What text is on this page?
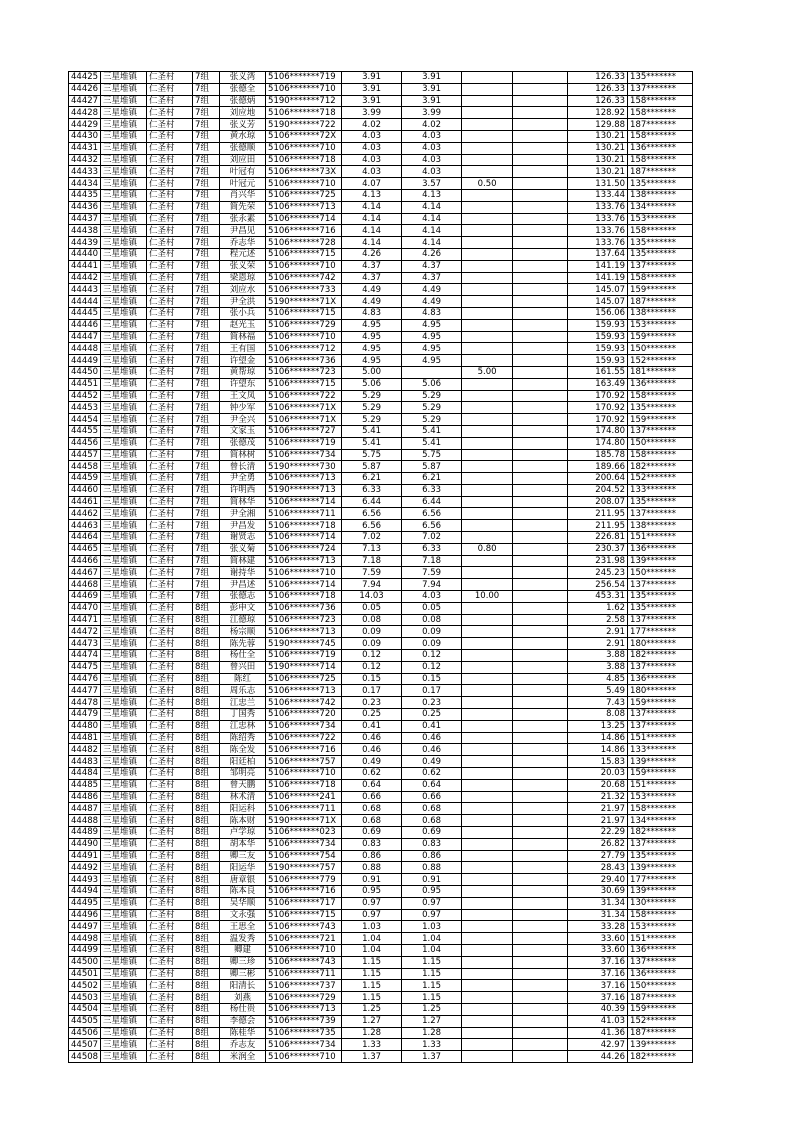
44425	三星堆镇	仁圣村	7组	张义湾	5106*******719	3.91	3.91			126.33	135*******
44426	三星堆镇	仁圣村	7组	张德全	5106*******710	3.91	3.91			126.33	137*******
44427	三星堆镇	仁圣村	7组	张德炳	5190*******712	3.91	3.91			126.33	158*******
44428	三星堆镇	仁圣村	7组	刘应地	5106*******718	3.99	3.99			128.92	158*******
44429	三星堆镇	仁圣村	7组	张义芳	5190*******722	4.02	4.02			129.88	187*******
44430	三星堆镇	仁圣村	7组	黄水琼	5106*******72X	4.03	4.03			130.21	158*******
44431	三星堆镇	仁圣村	7组	张德顺	5106*******710	4.03	4.03			130.21	136*******
44432	三星堆镇	仁圣村	7组	刘应田	5106*******718	4.03	4.03			130.21	158*******
44433	三星堆镇	仁圣村	7组	叶冠有	5106*******73X	4.03	4.03			130.21	187*******
44434	三星堆镇	仁圣村	7组	叶冠元	5106*******710	4.07	3.57	0.50		131.50	135*******
44435	三星堆镇	仁圣村	7组	肖兴华	5106*******725	4.13	4.13			133.44	138*******
44436	三星堆镇	仁圣村	7组	简先荣	5106*******713	4.14	4.14			133.76	134*******
44437	三星堆镇	仁圣村	7组	张永素	5106*******714	4.14	4.14			133.76	153*******
44438	三星堆镇	仁圣村	7组	尹昌见	5106*******716	4.14	4.14			133.76	158*******
44439	三星堆镇	仁圣村	7组	乔志华	5106*******728	4.14	4.14			133.76	135*******
44440	三星堆镇	仁圣村	7组	程元述	5106*******715	4.26	4.26			137.64	135*******
44441	三星堆镇	仁圣村	7组	张义荣	5106*******710	4.37	4.37			141.19	137*******
44442	三星堆镇	仁圣村	7组	梁恩琼	5106*******742	4.37	4.37			141.19	158*******
44443	三星堆镇	仁圣村	7组	刘应水	5106*******733	4.49	4.49			145.07	159*******
44444	三星堆镇	仁圣村	7组	尹全洪	5190*******71X	4.49	4.49			145.07	187*******
44445	三星堆镇	仁圣村	7组	张小兵	5106*******715	4.83	4.83			156.06	138*******
44446	三星堆镇	仁圣村	7组	赵光玉	5106*******729	4.95	4.95			159.93	153*******
44447	三星堆镇	仁圣村	7组	简林福	5106*******710	4.95	4.95			159.93	159*******
44448	三星堆镇	仁圣村	7组	王有国	5106*******712	4.95	4.95			159.93	150*******
44449	三星堆镇	仁圣村	7组	许望金	5106*******736	4.95	4.95			159.93	152*******
44450	三星堆镇	仁圣村	7组	黄帮琼	5106*******723	5.00		5.00		161.55	181*******
44451	三星堆镇	仁圣村	7组	许望东	5106*******715	5.06	5.06			163.49	136*******
44452	三星堆镇	仁圣村	7组	王文凤	5106*******722	5.29	5.29			170.92	158*******
44453	三星堆镇	仁圣村	7组	钟少军	5106*******71X	5.29	5.29			170.92	135*******
44454	三星堆镇	仁圣村	7组	尹全兴	5106*******71X	5.29	5.29			170.92	159*******
44455	三星堆镇	仁圣村	7组	文家玉	5106*******727	5.41	5.41			174.80	137*******
44456	三星堆镇	仁圣村	7组	张德茂	5106*******719	5.41	5.41			174.80	150*******
44457	三星堆镇	仁圣村	7组	简林树	5106*******734	5.75	5.75			185.78	158*******
44458	三星堆镇	仁圣村	7组	曾长清	5190*******730	5.87	5.87			189.66	182*******
44459	三星堆镇	仁圣村	7组	尹全勇	5106*******713	6.21	6.21			200.64	152*******
44460	三星堆镇	仁圣村	7组	许明西	5190*******713	6.33	6.33			204.52	133*******
44461	三星堆镇	仁圣村	7组	简林华	5106*******714	6.44	6.44			208.07	135*******
44462	三星堆镇	仁圣村	7组	尹全湘	5106*******711	6.56	6.56			211.95	137*******
44463	三星堆镇	仁圣村	7组	尹昌发	5106*******718	6.56	6.56			211.95	138*******
44464	三星堆镇	仁圣村	7组	谢贤志	5106*******714	7.02	7.02			226.81	151*******
44465	三星堆镇	仁圣村	7组	张义菊	5106*******724	7.13	6.33	0.80		230.37	136*******
44466	三星堆镇	仁圣村	7组	简林建	5106*******713	7.18	7.18			231.98	139*******
44467	三星堆镇	仁圣村	7组	谢持华	5106*******710	7.59	7.59			245.23	150*******
44468	三星堆镇	仁圣村	7组	尹昌述	5106*******714	7.94	7.94			256.54	137*******
44469	三星堆镇	仁圣村	7组	张德志	5106*******718	14.03	4.03	10.00		453.31	135*******
44470	三星堆镇	仁圣村	8组	彭申文	5106*******736	0.05	0.05			1.62	135*******
44471	三星堆镇	仁圣村	8组	江德琼	5106*******723	0.08	0.08			2.58	137*******
44472	三星堆镇	仁圣村	8组	杨宗顺	5106*******713	0.09	0.09			2.91	177*******
44473	三星堆镇	仁圣村	8组	陈先蓉	5190*******745	0.09	0.09			2.91	180*******
44474	三星堆镇	仁圣村	8组	杨仕全	5106*******719	0.12	0.12			3.88	182*******
44475	三星堆镇	仁圣村	8组	曾兴田	5190*******714	0.12	0.12			3.88	137*******
44476	三星堆镇	仁圣村	8组	陈红	5106*******725	0.15	0.15			4.85	136*******
44477	三星堆镇	仁圣村	8组	周乐志	5106*******713	0.17	0.17			5.49	180*******
44478	三星堆镇	仁圣村	8组	江忠兰	5106*******742	0.23	0.23			7.43	159*******
44479	三星堆镇	仁圣村	8组	丁国秀	5106*******720	0.25	0.25			8.08	137*******
44480	三星堆镇	仁圣村	8组	江忠林	5106*******734	0.41	0.41			13.25	137*******
44481	三星堆镇	仁圣村	8组	陈绍秀	5106*******722	0.46	0.46			14.86	151*******
44482	三星堆镇	仁圣村	8组	陈全发	5106*******716	0.46	0.46			14.86	133*******
44483	三星堆镇	仁圣村	8组	阳廷柏	5106*******757	0.49	0.49			15.83	139*******
44484	三星堆镇	仁圣村	8组	邹明亮	5106*******710	0.62	0.62			20.03	159*******
44485	三星堆镇	仁圣村	8组	曾天鹏	5106*******718	0.64	0.64			20.68	151*******
44486	三星堆镇	仁圣村	8组	林术清	5106*******241	0.66	0.66			21.32	153*******
44487	三星堆镇	仁圣村	8组	阳运科	5106*******711	0.68	0.68			21.97	158*******
44488	三星堆镇	仁圣村	8组	陈本财	5190*******71X	0.68	0.68			21.97	134*******
44489	三星堆镇	仁圣村	8组	卢学琼	5106*******023	0.69	0.69			22.29	182*******
44490	三星堆镇	仁圣村	8组	胡本华	5106*******734	0.83	0.83			26.82	137*******
44491	三星堆镇	仁圣村	8组	卿三友	5106*******754	0.86	0.86			27.79	135*******
44492	三星堆镇	仁圣村	8组	阳运华	5190*******757	0.88	0.88			28.43	139*******
44493	三星堆镇	仁圣村	8组	唐章银	5106*******779	0.91	0.91			29.40	177*******
44494	三星堆镇	仁圣村	8组	陈本良	5106*******716	0.95	0.95			30.69	139*******
44495	三星堆镇	仁圣村	8组	吴华顺	5106*******717	0.97	0.97			31.34	130*******
44496	三星堆镇	仁圣村	8组	文永强	5106*******715	0.97	0.97			31.34	158*******
44497	三星堆镇	仁圣村	8组	王思全	5106*******743	1.03	1.03			33.28	153*******
44498	三星堆镇	仁圣村	8组	温发秀	5106*******721	1.04	1.04			33.60	151*******
44499	三星堆镇	仁圣村	8组	卿建	5106*******710	1.04	1.04			33.60	136*******
44500	三星堆镇	仁圣村	8组	卿三珍	5106*******743	1.15	1.15			37.16	137*******
44501	三星堆镇	仁圣村	8组	卿三彬	5106*******711	1.15	1.15			37.16	136*******
44502	三星堆镇	仁圣村	8组	阳清长	5106*******737	1.15	1.15			37.16	150*******
44503	三星堆镇	仁圣村	8组	刘燕	5106*******729	1.15	1.15			37.16	187*******
44504	三星堆镇	仁圣村	8组	杨仕贵	5106*******713	1.25	1.25			40.39	159*******
44505	三星堆镇	仁圣村	8组	李德会	5106*******739	1.27	1.27			41.03	152*******
44506	三星堆镇	仁圣村	8组	陈桂华	5106*******735	1.28	1.28			41.36	187*******
44507	三星堆镇	仁圣村	8组	乔志友	5106*******734	1.33	1.33			42.97	139*******
44508	三星堆镇	仁圣村	8组	米润全	5106*******710	1.37	1.37			44.26	182*******
